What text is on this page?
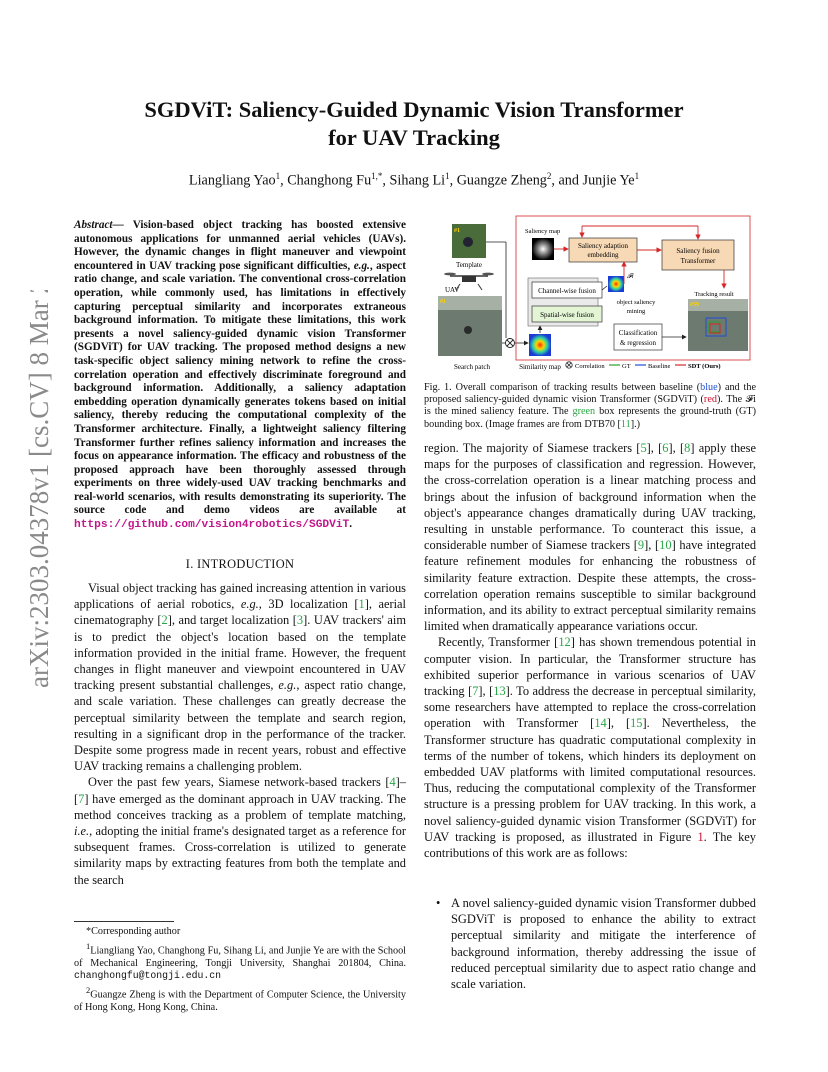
arXiv:2303.04378v1 [cs.CV] 8 Mar 2023
SGDViT: Saliency-Guided Dynamic Vision Transformer
for UAV Tracking
Liangliang Yao$^1$, Changhong $Fu^{1,*}$, Sihang Li$^1$, Guangze Zheng$^2$, and Junjie Ye$^1$
Abstract— Vision-based object tracking has boosted extensive autonomous applications for unmanned aerial vehicles (UAVs). However, the dynamic changes in flight maneuver and viewpoint encountered in UAV tracking pose significant difficulties, e.g., aspect ratio change, and scale variation. The conventional cross-correlation operation, while commonly used, has limitations in effectively capturing perceptual similarity and incorporates extraneous background information. To mitigate these limitations, this work presents a novel saliency-guided dynamic vision Transformer (SGDViT) for UAV tracking. The proposed method designs a new task-specific object saliency mining network to refine the cross-correlation operation and effectively discriminate foreground and background information. Additionally, a saliency adaptation embedding operation dynamically generates tokens based on initial saliency, thereby reducing the computational complexity of the Transformer architecture. Finally, a lightweight saliency filtering Transformer further refines saliency information and increases the focus on appearance information. The efficacy and robustness of the proposed approach have been thoroughly assessed through experiments on three widely-used UAV tracking benchmarks and real-world scenarios, with results demonstrating its superiority. The source code and demo videos are available at https://github.com/vision4robotics/SGDViT.
I. INTRODUCTION

Visual object tracking has gained increasing attention in various applications of aerial robotics, e.g., 3D localization [1], aerial cinematography [2], and target localization [3]. UAV trackers' aim is to predict the object's location based on the template information provided in the initial frame. However, the frequent changes in flight maneuver and viewpoint encountered in UAV tracking present substantial challenges, e.g., aspect ratio change, and scale variation. These challenges can greatly decrease the perceptual similarity between the template and search region, resulting in a significant drop in the performance of the tracker. Despite some progress made in recent years, robust and effective UAV tracking remains a challenging problem.

Over the past few years, Siamese network-based trackers [4]–[7] have emerged as the dominant approach in UAV tracking. The method conceives tracking as a problem of template matching, i.e., adopting the initial frame's designated target as a reference for subsequent frames. Cross-correlation is utilized to generate similarity maps by extracting features from both the template and the search

*Corresponding author

$^1$Liangliang Yao, Changhong Fu, Sihang Li, and Junjie Ye are with the School of Mechanical Engineering, Tongji University, Shanghai 201804, China. changhongfu@tongji.edu.cn

$^2$Guangze Zheng is with the Department of Computer Science, the University of Hong Kong, Hong Kong, China.

#1
Template
UAV
#1
Search patch	Similarity map
Saliency map
Saliency adaption
embedding	Saliency fusion
Transformer
Channel-wise fusion
Spatial-wise fusion
𝓕i
object saliency
mining
Classification
& regression
Tracking result
#39
Correlation	GT	Baseline	SDT (Ours)
Fig. 1. Overall comparison of tracking results between baseline (blue) and the proposed saliency-guided dynamic vision Transformer (SGDViT) (red). The 𝓕i is the mined saliency feature. The green box represents the ground-truth (GT) bounding box. (Image frames are from DTB70 [11].)

region. The majority of Siamese trackers [5], [6], [8] apply these maps for the purposes of classification and regression. However, the cross-correlation operation is a linear matching process and brings about the infusion of background information when the object's appearance changes dramatically during UAV tracking, resulting in unstable performance. To counteract this issue, a considerable number of Siamese trackers [9], [10] have integrated feature refinement modules for enhancing the robustness of similarity feature extraction. Despite these attempts, the cross-correlation operation remains susceptible to similar background information, and its ability to extract perceptual similarity remains limited when dramatically appearance variations occur.

Recently, Transformer [12] has shown tremendous potential in computer vision. In particular, the Transformer structure has exhibited superior performance in various scenarios of UAV tracking [7], [13]. To address the decrease in perceptual similarity, some researchers have attempted to replace the cross-correlation operation with Transformer [14], [15]. Nevertheless, the Transformer structure has quadratic computational complexity in terms of the number of tokens, which hinders its deployment on embedded UAV platforms with limited computational resources. Thus, reducing the computational complexity of the Transformer structure is a pressing problem for UAV tracking. In this work, a novel saliency-guided dynamic vision Transformer (SGDViT) for UAV tracking is proposed, as illustrated in Figure 1. The key contributions of this work are as follows:

• A novel saliency-guided dynamic vision Transformer dubbed SGDViT is proposed to enhance the ability to extract perceptual similarity and mitigate the interference of background information, thereby addressing the issue of reduced perceptual similarity due to aspect ratio change and scale variation.
